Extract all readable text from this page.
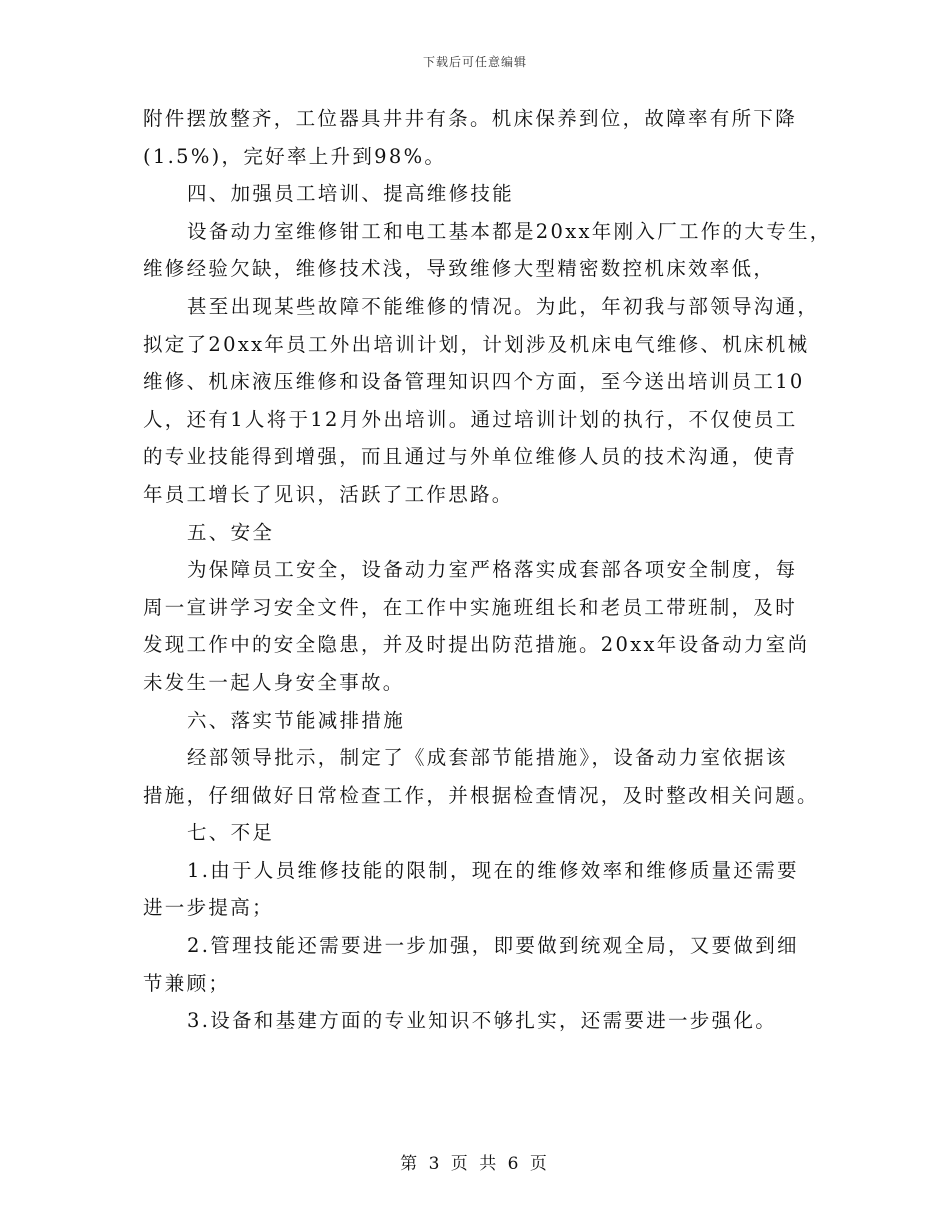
下载后可任意编辑
附件摆放整齐，工位器具井井有条。机床保养到位，故障率有所下降
(1.5%)，完好率上升到98%。
四、加强员工培训、提高维修技能
设备动力室维修钳工和电工基本都是20xx年刚入厂工作的大专生，
维修经验欠缺，维修技术浅，导致维修大型精密数控机床效率低，
甚至出现某些故障不能维修的情况。为此，年初我与部领导沟通，
拟定了20xx年员工外出培训计划，计划涉及机床电气维修、机床机械
维修、机床液压维修和设备管理知识四个方面，至今送出培训员工10
人，还有1人将于12月外出培训。通过培训计划的执行，不仅使员工
的专业技能得到增强，而且通过与外单位维修人员的技术沟通，使青
年员工增长了见识，活跃了工作思路。
五、安全
为保障员工安全，设备动力室严格落实成套部各项安全制度，每
周一宣讲学习安全文件，在工作中实施班组长和老员工带班制，及时
发现工作中的安全隐患，并及时提出防范措施。20xx年设备动力室尚
未发生一起人身安全事故。
六、落实节能减排措施
经部领导批示，制定了《成套部节能措施》，设备动力室依据该
措施，仔细做好日常检查工作，并根据检查情况，及时整改相关问题。
七、不足
1.由于人员维修技能的限制，现在的维修效率和维修质量还需要
进一步提高；
2.管理技能还需要进一步加强，即要做到统观全局，又要做到细
节兼顾；
3.设备和基建方面的专业知识不够扎实，还需要进一步强化。
第 3 页 共 6 页
